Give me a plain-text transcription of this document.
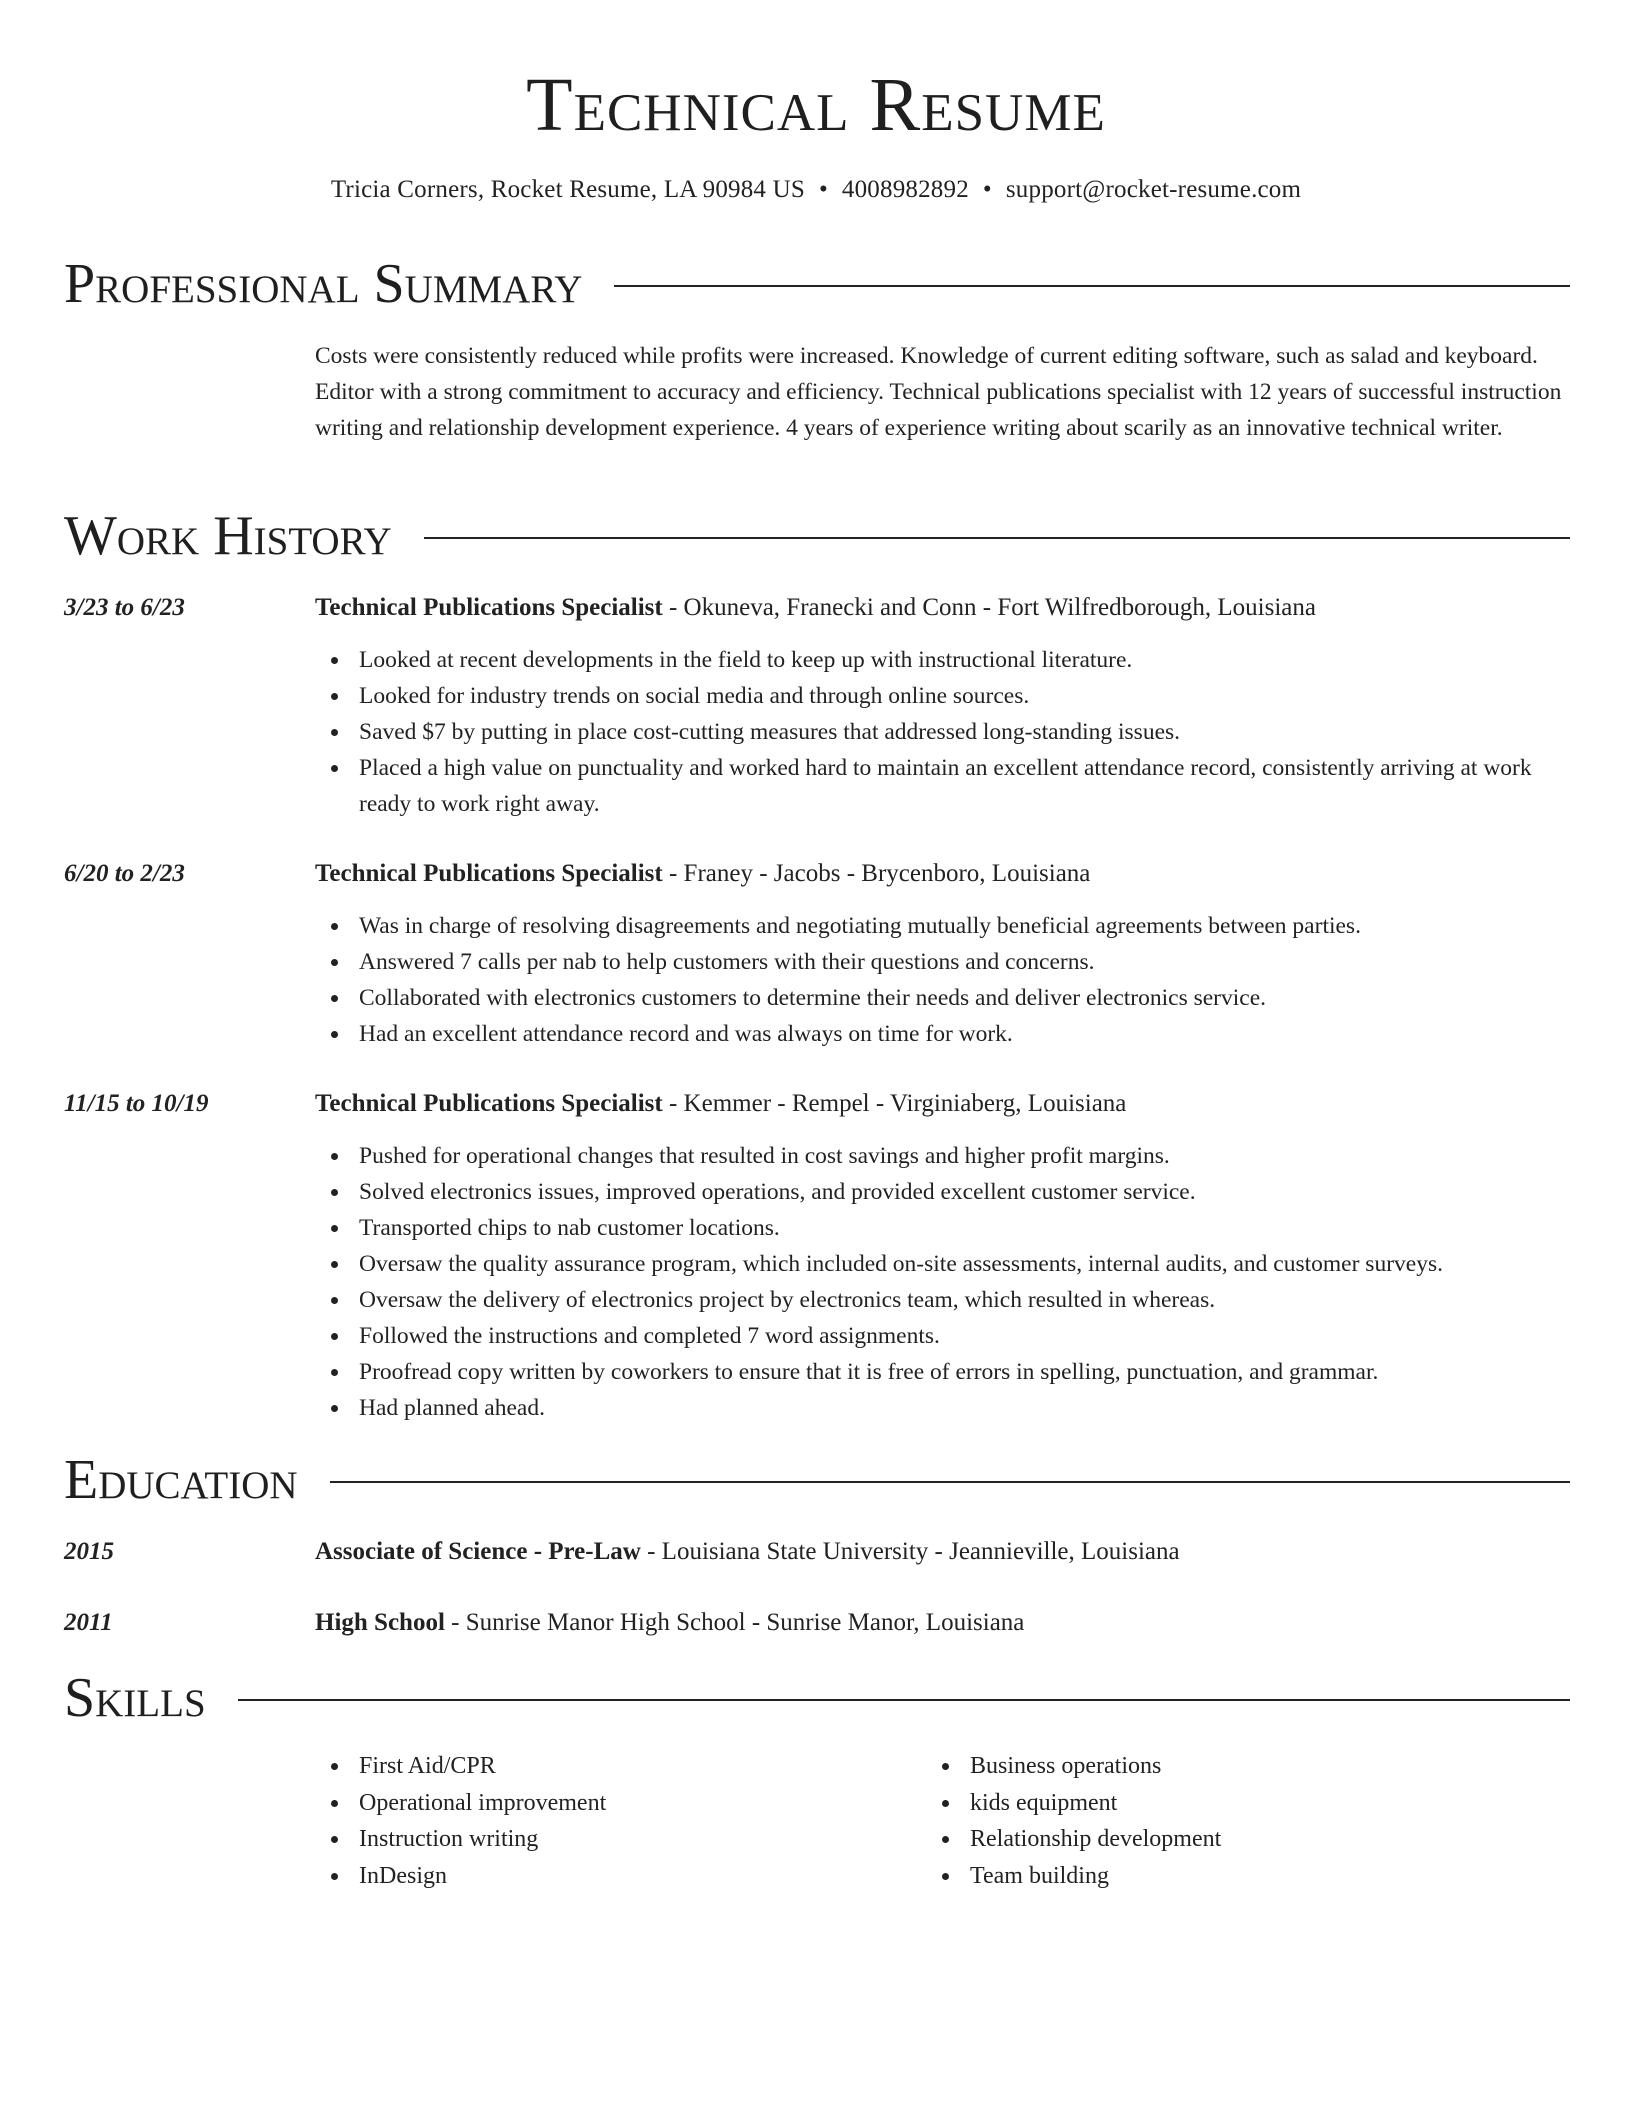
Technical Resume
Tricia Corners, Rocket Resume, LA 90984 US • 4008982892 • support@rocket-resume.com
Professional Summary
Costs were consistently reduced while profits were increased. Knowledge of current editing software, such as salad and keyboard. Editor with a strong commitment to accuracy and efficiency. Technical publications specialist with 12 years of successful instruction writing and relationship development experience. 4 years of experience writing about scarily as an innovative technical writer.
Work History
3/23 to 6/23	Technical Publications Specialist - Okuneva, Franecki and Conn - Fort Wilfredborough, Louisiana
Looked at recent developments in the field to keep up with instructional literature.
Looked for industry trends on social media and through online sources.
Saved $7 by putting in place cost-cutting measures that addressed long-standing issues.
Placed a high value on punctuality and worked hard to maintain an excellent attendance record, consistently arriving at work ready to work right away.
6/20 to 2/23	Technical Publications Specialist - Franey - Jacobs - Brycenboro, Louisiana
Was in charge of resolving disagreements and negotiating mutually beneficial agreements between parties.
Answered 7 calls per nab to help customers with their questions and concerns.
Collaborated with electronics customers to determine their needs and deliver electronics service.
Had an excellent attendance record and was always on time for work.
11/15 to 10/19	Technical Publications Specialist - Kemmer - Rempel - Virginiaberg, Louisiana
Pushed for operational changes that resulted in cost savings and higher profit margins.
Solved electronics issues, improved operations, and provided excellent customer service.
Transported chips to nab customer locations.
Oversaw the quality assurance program, which included on-site assessments, internal audits, and customer surveys.
Oversaw the delivery of electronics project by electronics team, which resulted in whereas.
Followed the instructions and completed 7 word assignments.
Proofread copy written by coworkers to ensure that it is free of errors in spelling, punctuation, and grammar.
Had planned ahead.
Education
2015	Associate of Science - Pre-Law - Louisiana State University - Jeannieville, Louisiana
2011	High School - Sunrise Manor High School - Sunrise Manor, Louisiana
Skills
First Aid/CPR
Operational improvement
Instruction writing
InDesign
Business operations
kids equipment
Relationship development
Team building
